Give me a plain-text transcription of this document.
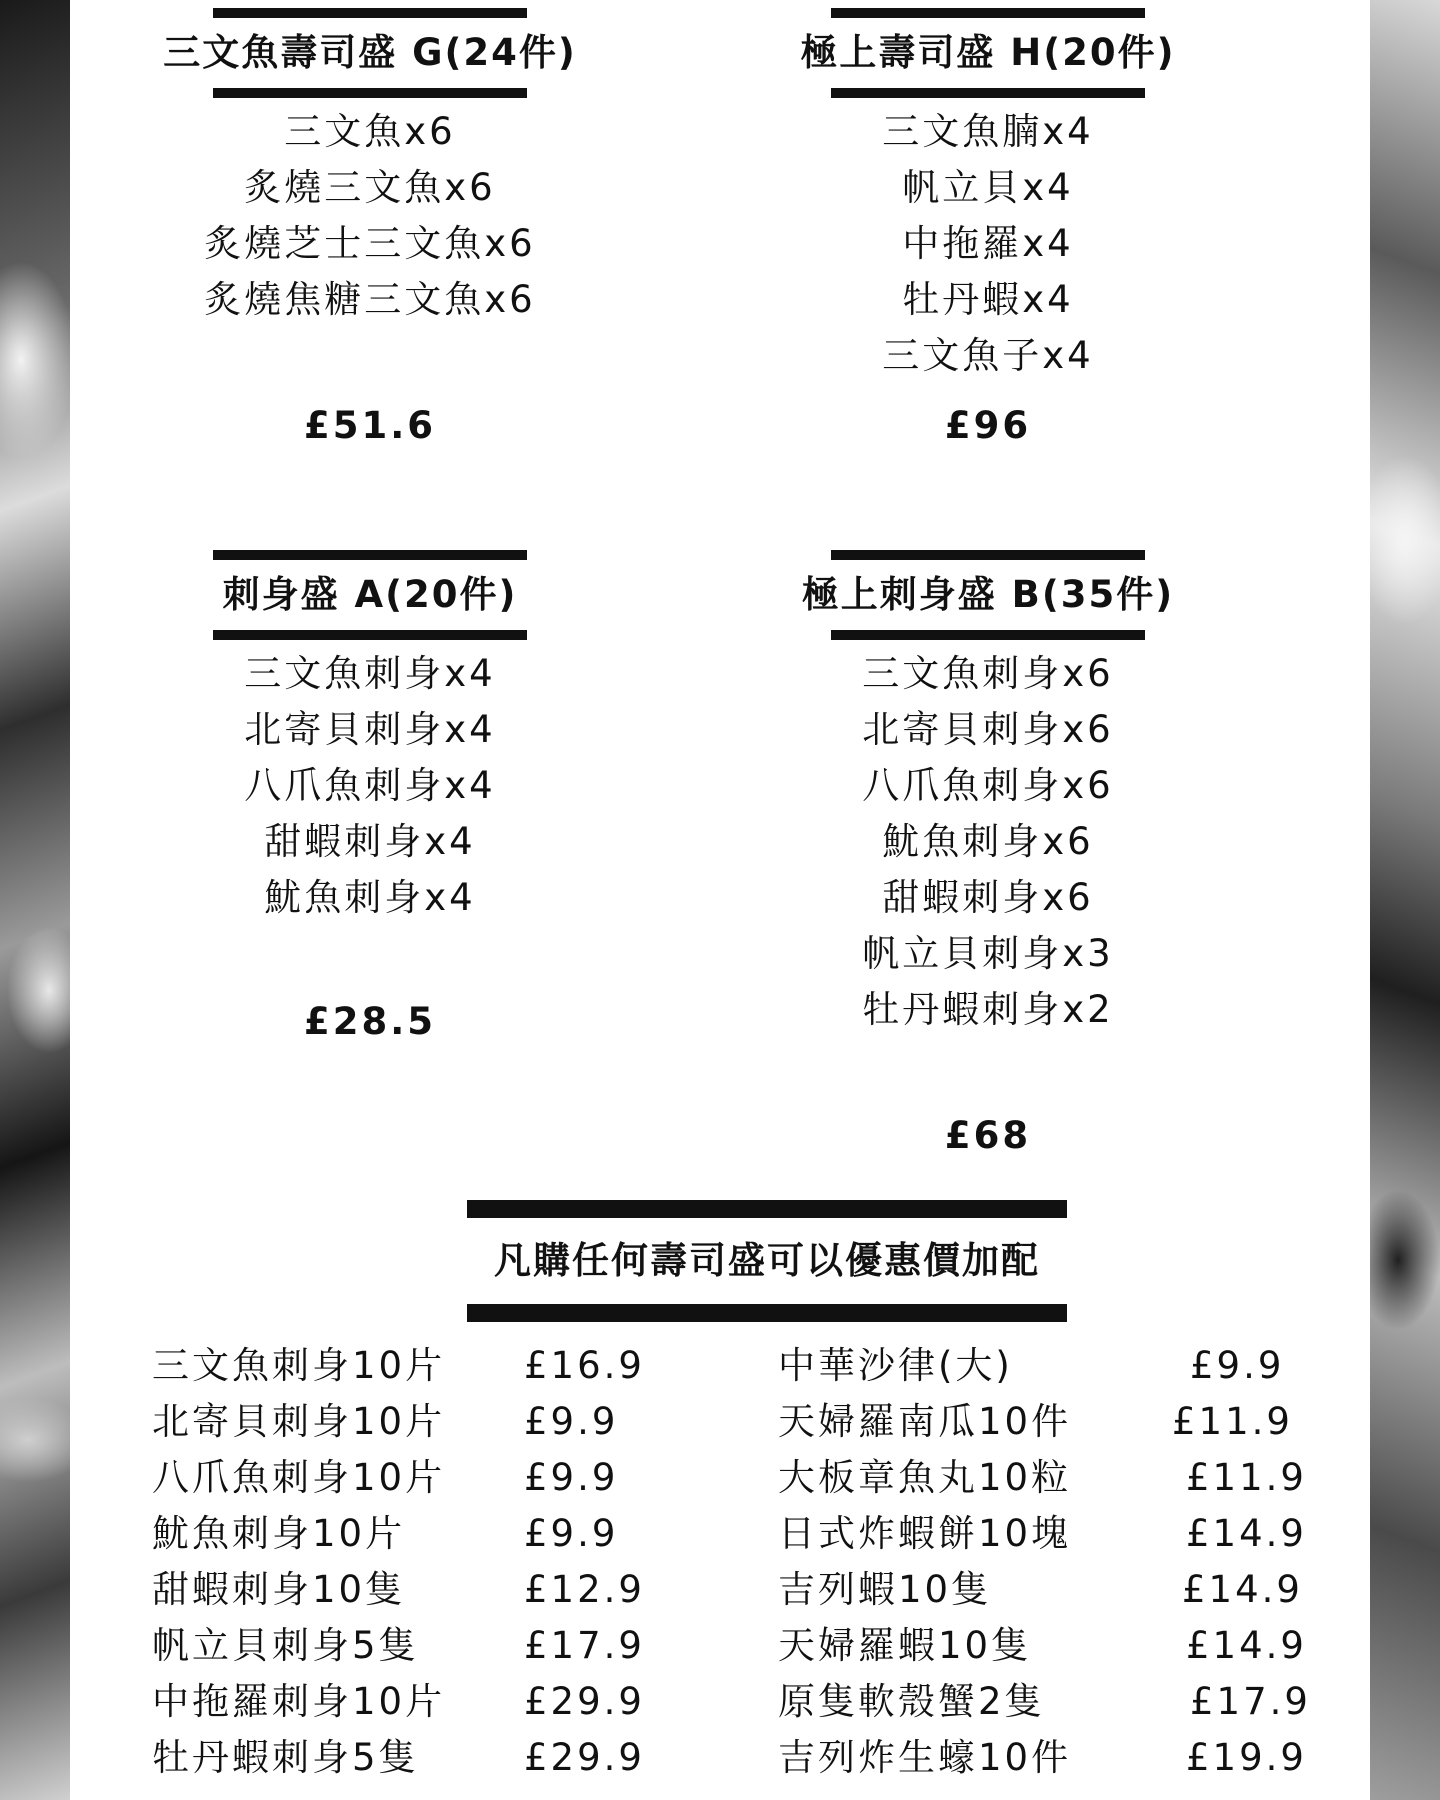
三文魚壽司盛 G(24件)
三文魚x6
炙燒三文魚x6
炙燒芝士三文魚x6
炙燒焦糖三文魚x6
£51.6
極上壽司盛 H(20件)
三文魚腩x4
帆立貝x4
中拖羅x4
牡丹蝦x4
三文魚子x4
£96
刺身盛 A(20件)
三文魚刺身x4
北寄貝刺身x4
八爪魚刺身x4
甜蝦刺身x4
魷魚刺身x4
£28.5
極上刺身盛 B(35件)
三文魚刺身x6
北寄貝刺身x6
八爪魚刺身x6
魷魚刺身x6
甜蝦刺身x6
帆立貝刺身x3
牡丹蝦刺身x2
£68
凡購任何壽司盛可以優惠價加配
三文魚刺身10片 £16.9
北寄貝刺身10片 £9.9
八爪魚刺身10片 £9.9
魷魚刺身10片	£9.9
甜蝦刺身10隻	£12.9
帆立貝刺身5隻	£17.9
中拖羅刺身10片 £29.9
牡丹蝦刺身5隻	£29.9
中華沙律(大)	£9.9
天婦羅南瓜10件	£11.9
大板章魚丸10粒	£11.9
日式炸蝦餅10塊	£14.9
吉列蝦10隻	£14.9
天婦羅蝦10隻	£14.9
原隻軟殼蟹2隻	£17.9
吉列炸生蠔10件	£19.9
